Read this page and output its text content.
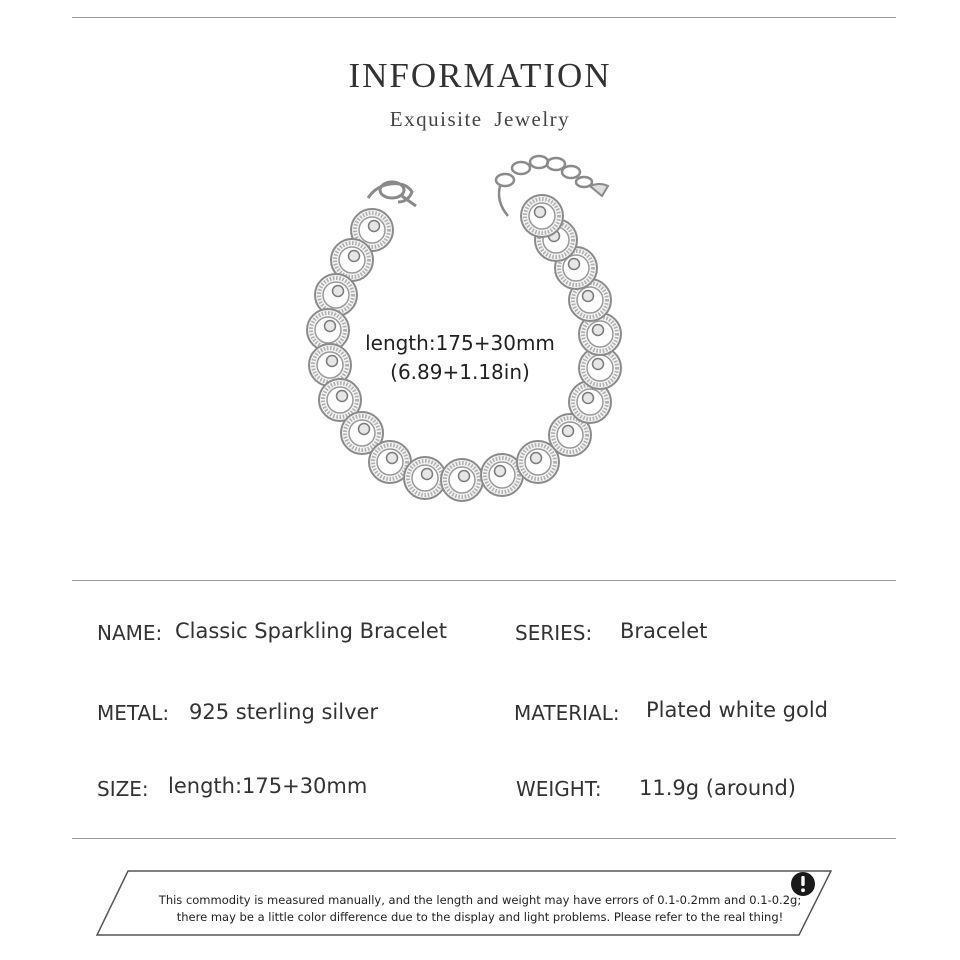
INFORMATION
Exquisite Jewelry
length:175+30mm
(6.89+1.18in)
NAME: Classic Sparkling Bracelet	SERIES: Bracelet
METAL: 925 sterling silver	MATERIAL: Plated white gold
SIZE: length:175+30mm	WEIGHT: 11.9g (around)
This commodity is measured manually, and the length and weight may have errors of 0.1-0.2mm and 0.1-0.2g;
there may be a little color difference due to the display and light problems. Please refer to the real thing!
